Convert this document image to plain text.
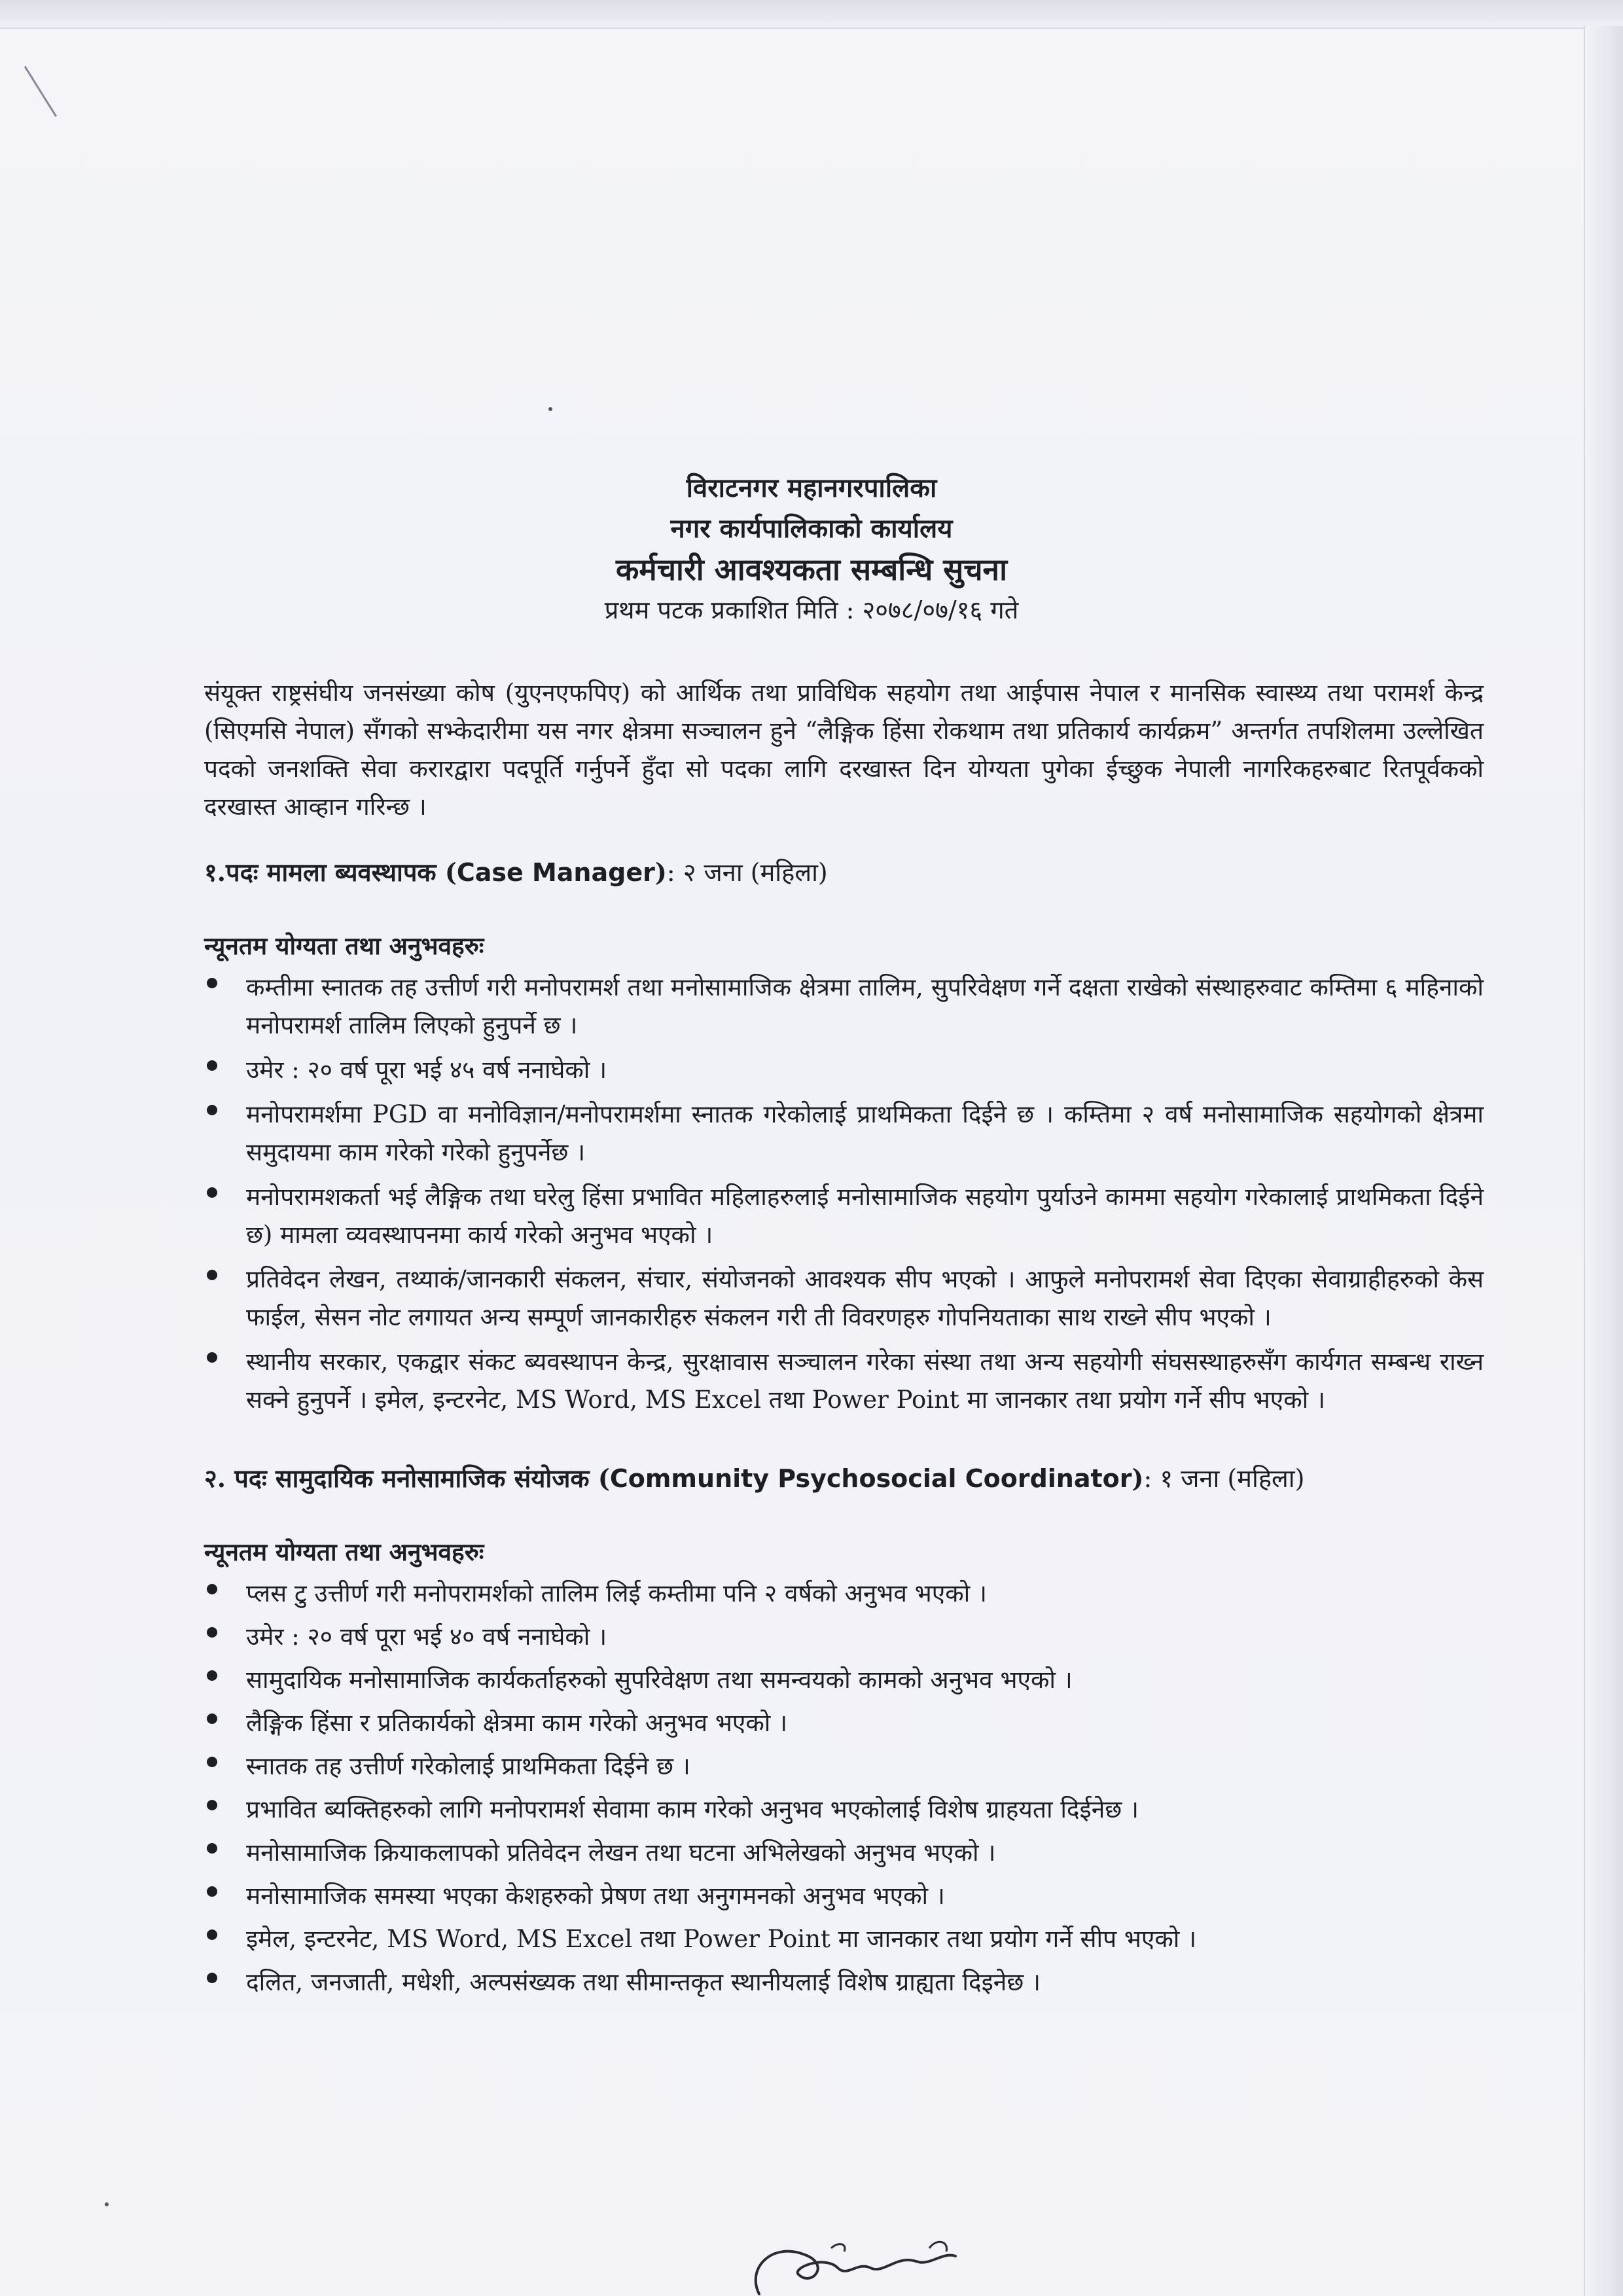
विराटनगर महानगरपालिका
नगर कार्यपालिकाको कार्यालय
कर्मचारी आवश्यकता सम्बन्धि सुचना
प्रथम पटक प्रकाशित मिति : २०७८/०७/१६ गते

संयूक्त राष्ट्रसंघीय जनसंख्या कोष (युएनएफपिए) को आर्थिक तथा प्राविधिक सहयोग तथा आईपास नेपाल र मानसिक स्वास्थ्य तथा परामर्श केन्द्र (सिएमसि नेपाल) सँगको सभ्केदारीमा यस नगर क्षेत्रमा सञ्चालन हुने “लैङ्गिक हिंसा रोकथाम तथा प्रतिकार्य कार्यक्रम” अन्तर्गत तपशिलमा उल्लेखित पदको जनशक्ति सेवा करारद्वारा पदपूर्ति गर्नुपर्ने हुँदा सो पदका लागि दरखास्त दिन योग्यता पुगेका ईच्छुक नेपाली नागरिकहरुबाट रितपूर्वकको दरखास्त आव्हान गरिन्छ ।

१.पदः मामला ब्यवस्थापक (Case Manager): २ जना (महिला)
न्यूनतम योग्यता तथा अनुभवहरुः
कम्तीमा स्नातक तह उत्तीर्ण गरी मनोपरामर्श तथा मनोसामाजिक क्षेत्रमा तालिम, सुपरिवेक्षण गर्ने दक्षता राखेको संस्थाहरुवाट कम्तिमा ६ महिनाको मनोपरामर्श तालिम लिएको हुनुपर्ने छ ।
उमेर : २० वर्ष पूरा भई ४५ वर्ष ननाघेको ।
मनोपरामर्शमा PGD वा मनोविज्ञान/मनोपरामर्शमा स्नातक गरेकोलाई प्राथमिकता दिईने छ । कम्तिमा २ वर्ष मनोसामाजिक सहयोगको क्षेत्रमा समुदायमा काम गरेको गरेको हुनुपर्नेछ ।
मनोपरामशकर्ता भई लैङ्गिक तथा घरेलु हिंसा प्रभावित महिलाहरुलाई मनोसामाजिक सहयोग पुर्याउने काममा सहयोग गरेकालाई प्राथमिकता दिईने छ) मामला व्यवस्थापनमा कार्य गरेको अनुभव भएको ।
प्रतिवेदन लेखन, तथ्याकं/जानकारी संकलन, संचार, संयोजनको आवश्यक सीप भएको । आफुले मनोपरामर्श सेवा दिएका सेवाग्राहीहरुको केस फाईल, सेसन नोट लगायत अन्य सम्पूर्ण जानकारीहरु संकलन गरी ती विवरणहरु गोपनियताका साथ राख्ने सीप भएको ।
स्थानीय सरकार, एकद्वार संकट ब्यवस्थापन केन्द्र, सुरक्षावास सञ्चालन गरेका संस्था तथा अन्य सहयोगी संघसस्थाहरुसँग कार्यगत सम्बन्ध राख्न सक्ने हुनुपर्ने । इमेल, इन्टरनेट, MS Word, MS Excel तथा Power Point मा जानकार तथा प्रयोग गर्ने सीप भएको ।
२. पदः सामुदायिक मनोसामाजिक संयोजक (Community Psychosocial Coordinator): १ जना (महिला)
न्यूनतम योग्यता तथा अनुभवहरुः
प्लस टु उत्तीर्ण गरी मनोपरामर्शको तालिम लिई कम्तीमा पनि २ वर्षको अनुभव भएको ।
उमेर : २० वर्ष पूरा भई ४० वर्ष ननाघेको ।
सामुदायिक मनोसामाजिक कार्यकर्ताहरुको सुपरिवेक्षण तथा समन्वयको कामको अनुभव भएको ।
लैङ्गिक हिंसा र प्रतिकार्यको क्षेत्रमा काम गरेको अनुभव भएको ।
स्नातक तह उत्तीर्ण गरेकोलाई प्राथमिकता दिईने छ ।
प्रभावित ब्यक्तिहरुको लागि मनोपरामर्श सेवामा काम गरेको अनुभव भएकोलाई विशेष ग्राहयता दिईनेछ ।
मनोसामाजिक क्रियाकलापको प्रतिवेदन लेखन तथा घटना अभिलेखको अनुभव भएको ।
मनोसामाजिक समस्या भएका केशहरुको प्रेषण तथा अनुगमनको अनुभव भएको ।
इमेल, इन्टरनेट, MS Word, MS Excel तथा Power Point मा जानकार तथा प्रयोग गर्ने सीप भएको ।
दलित, जनजाती, मधेशी, अल्पसंख्यक तथा सीमान्तकृत स्थानीयलाई विशेष ग्राह्यता दिइनेछ ।
